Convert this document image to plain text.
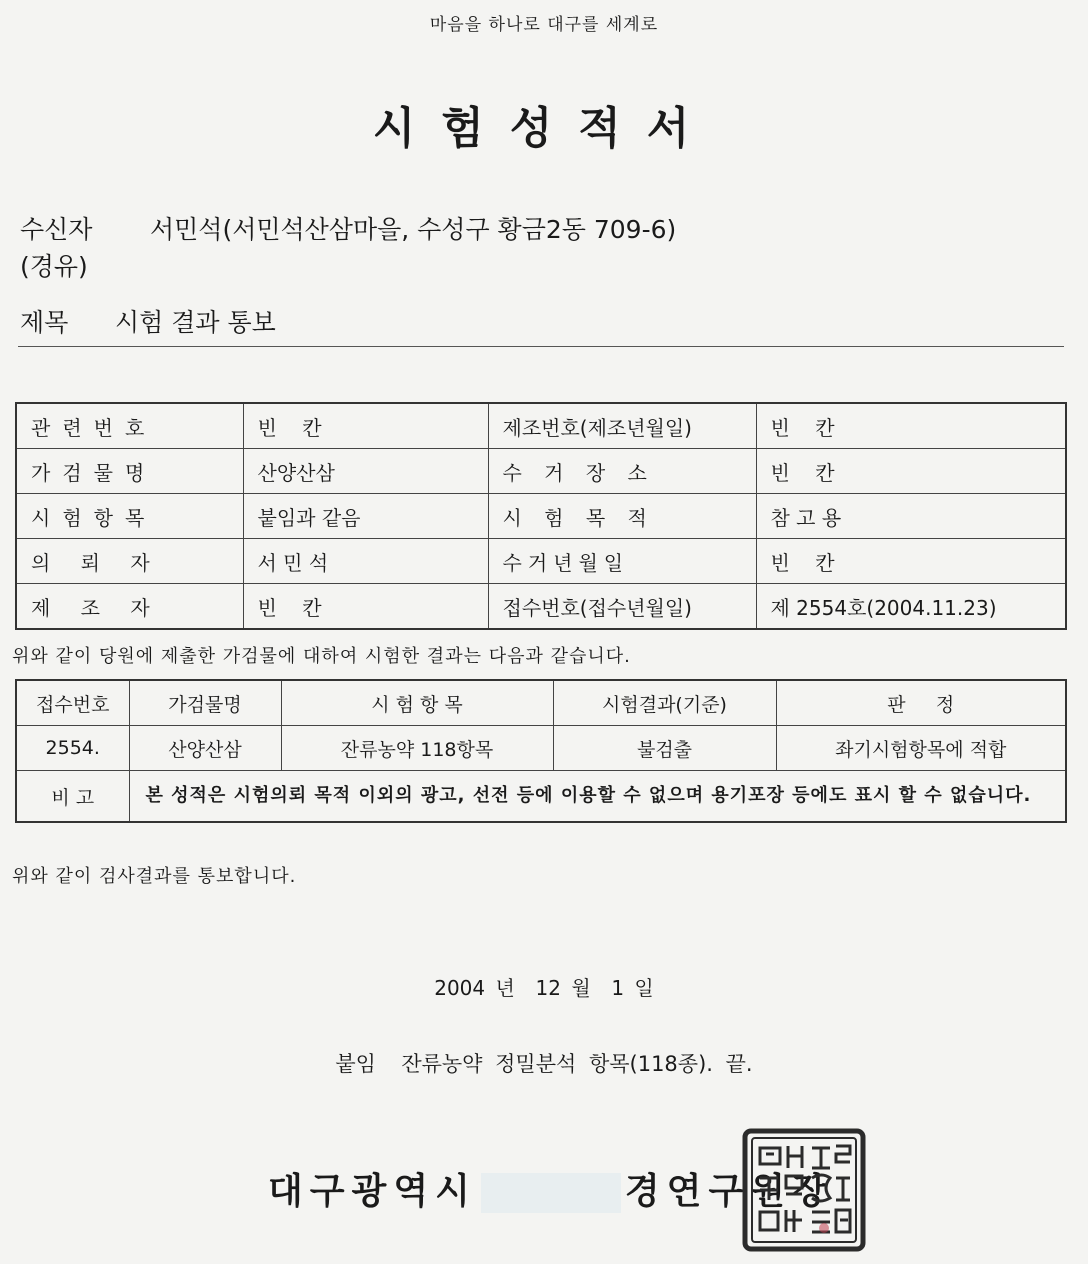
마음을 하나로 대구를 세계로
시험성적서
수신자 서민석(서민석산삼마을, 수성구 황금2동 709-6)
(경유)
제목 시험 결과 통보
관련번호	빈    칸	제조번호(제조년월일)	빈    칸
가검물명	산양산삼	수 거 장 소	빈    칸
시험항목	붙임과 같음	시 험 목 적	참 고 용
의 뢰 자	서 민 석	수거년월일	빈    칸
제 조 자	빈    칸	접수번호(접수년월일)	제 2554호(2004.11.23)
위와 같이 당원에 제출한 가검물에 대하여 시험한 결과는 다음과 같습니다.
접수번호	가검물명	시 험 항 목	시험결과(기준)	판     정
2554.	산양산삼	잔류농약 118항목	불검출	좌기시험항목에 적합
비 고	본 성적은 시험의뢰 목적 이외의 광고, 선전 등에 이용할 수 없으며 용기포장 등에도 표시 할 수 없습니다.			
위와 같이 검사결과를 통보합니다.
2004 년  12 월  1 일
붙임  잔류농약 정밀분석 항목(118종). 끝.
대구광역시	경연구원장
